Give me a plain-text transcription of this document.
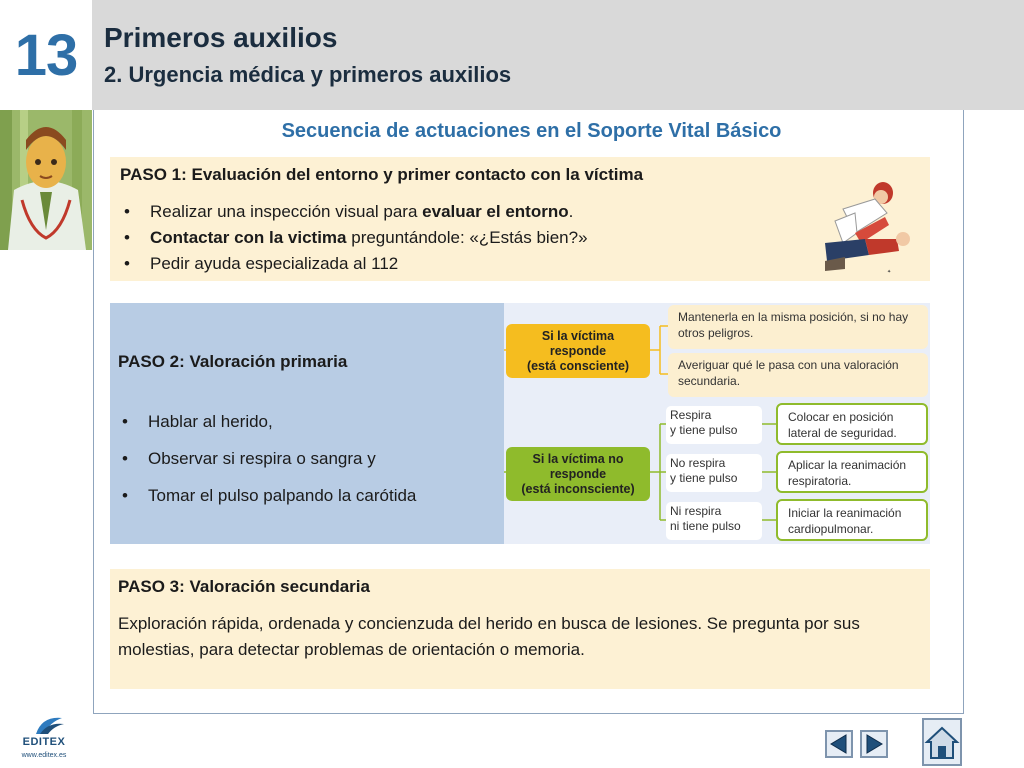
13 Primeros auxilios
2. Urgencia médica y primeros auxilios
Secuencia de actuaciones en el Soporte Vital Básico
PASO 1: Evaluación del entorno y primer contacto con la víctima
• Realizar una inspección visual para evaluar el entorno.
• Contactar con la victima preguntándole: «¿Estás bien?»
• Pedir ayuda especializada al 112	✦
PASO 2: Valoración primaria
• Hablar al herido,
• Observar si respira o sangra y
• Tomar el pulso palpando la carótida
Si la víctima
responde
(está consciente)
Mantenerla en la misma posición, si no hay otros peligros.
Averiguar qué le pasa con una valoración secundaria.
Si la víctima no
responde
(está inconsciente)
Respira
y tiene pulso
Colocar en posición
lateral de seguridad.
No respira
y tiene pulso
Aplicar la reanimación
respiratoria.
Ni respira
ni tiene pulso
Iniciar la reanimación
cardiopulmonar.
PASO 3: Valoración secundaria
Exploración rápida, ordenada y concienzuda del herido en busca de lesiones. Se pregunta por sus molestias, para detectar problemas de orientación o memoria.
EDITEX
www.editex.es
